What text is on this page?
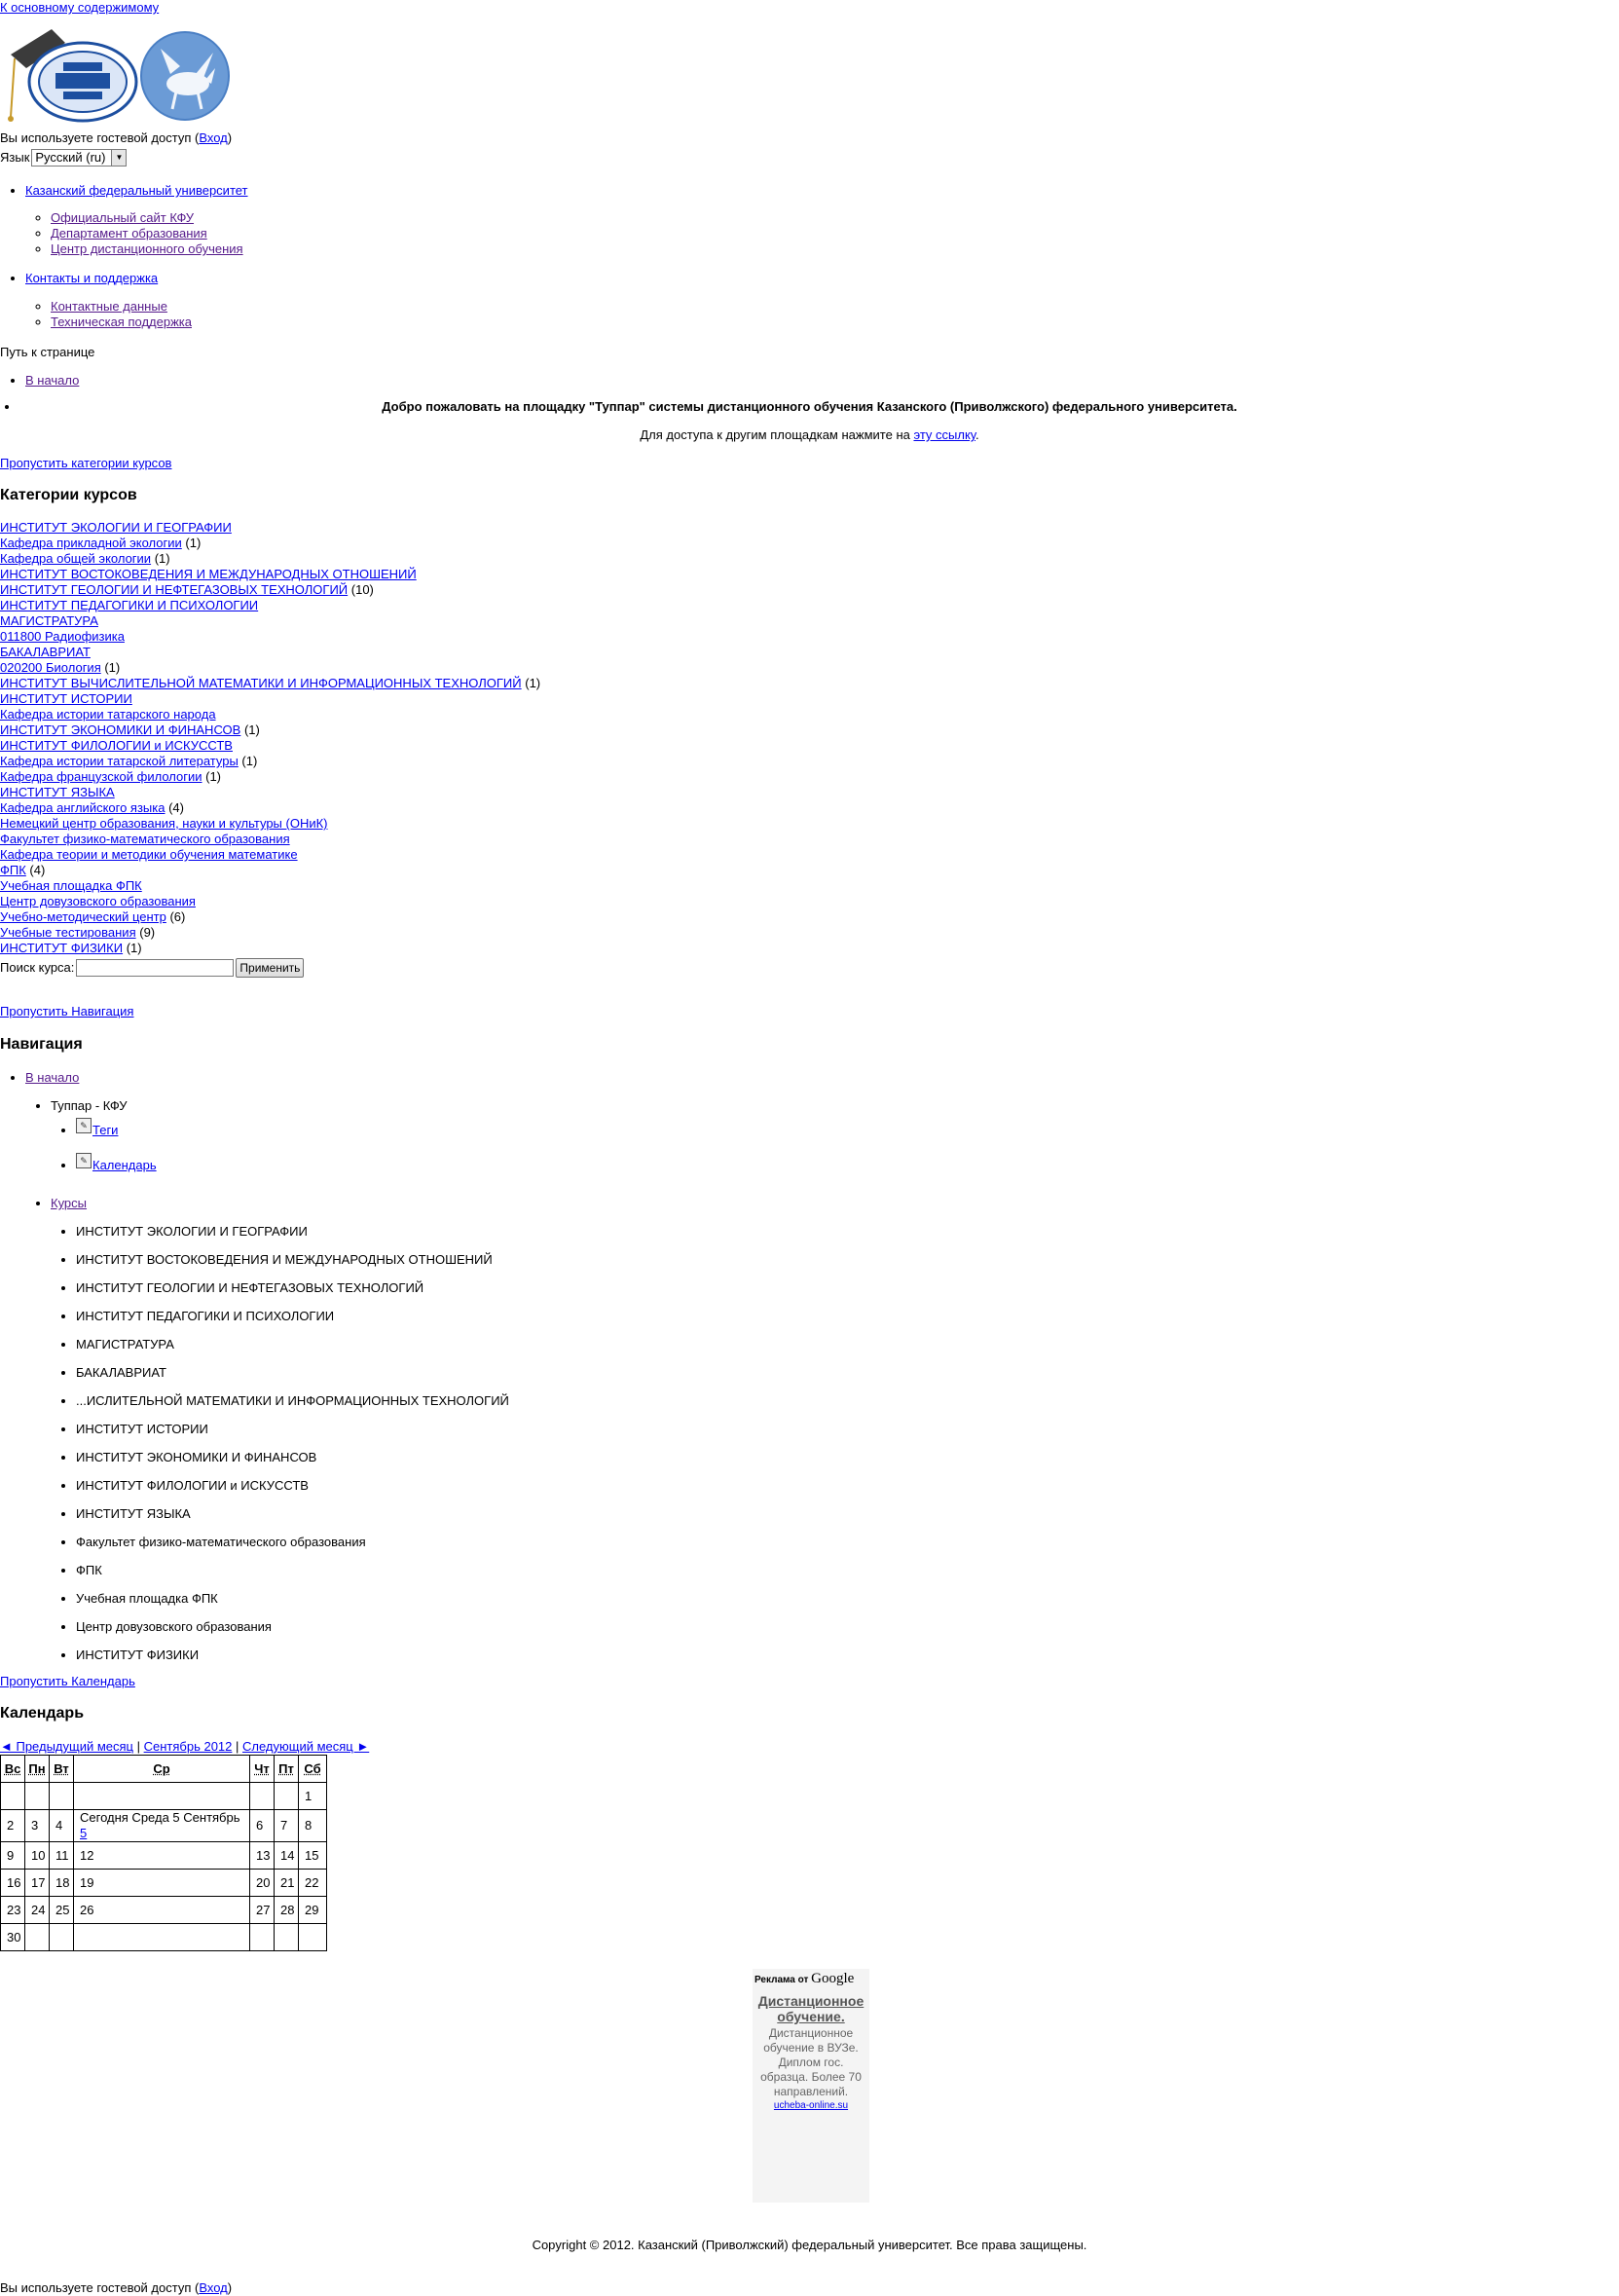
К основному содержимому
Вы используете гостевой доступ (Вход)
Язык Русский (ru)	▼
• Казанский федеральный университет
◦ Официальный сайт КФУ
◦ Департамент образования
◦ Центр дистанционного обучения
• Контакты и поддержка
◦ Контактные данные
◦ Техническая поддержка
Путь к странице
• В начало
• Добро пожаловать на площадку "Туппар" системы дистанционного обучения Казанского (Приволжского) федерального университета.
Для доступа к другим площадкам нажмите на эту ссылку.
Пропустить категории курсов
Категории курсов
ИНСТИТУТ ЭКОЛОГИИ И ГЕОГРАФИИ
Кафедра прикладной экологии (1)
Кафедра общей экологии (1)
ИНСТИТУТ ВОСТОКОВЕДЕНИЯ И МЕЖДУНАРОДНЫХ ОТНОШЕНИЙ
ИНСТИТУТ ГЕОЛОГИИ И НЕФТЕГАЗОВЫХ ТЕХНОЛОГИЙ (10)
ИНСТИТУТ ПЕДАГОГИКИ И ПСИХОЛОГИИ
МАГИСТРАТУРА
011800 Радиофизика
БАКАЛАВРИАТ
020200 Биология (1)
ИНСТИТУТ ВЫЧИСЛИТЕЛЬНОЙ МАТЕМАТИКИ И ИНФОРМАЦИОННЫХ ТЕХНОЛОГИЙ (1)
ИНСТИТУТ ИСТОРИИ
Кафедра истории татарского народа
ИНСТИТУТ ЭКОНОМИКИ И ФИНАНСОВ (1)
ИНСТИТУТ ФИЛОЛОГИИ и ИСКУССТВ
Кафедра истории татарской литературы (1)
Кафедра французской филологии (1)
ИНСТИТУТ ЯЗЫКА
Кафедра английского языка (4)
Немецкий центр образования, науки и культуры (ОНиК)
Факультет физико-математического образования
Кафедра теории и методики обучения математике
ФПК (4)
Учебная площадка ФПК
Центр довузовского образования
Учебно-методический центр (6)
Учебные тестирования (9)
ИНСТИТУТ ФИЗИКИ (1)
Поиск курса:	Применить
Пропустить Навигация
Навигация
• В начало
• Туппар - КФУ
• ✎ Теги
• ✎ Календарь
• Курсы
• ИНСТИТУТ ЭКОЛОГИИ И ГЕОГРАФИИ
• ИНСТИТУТ ВОСТОКОВЕДЕНИЯ И МЕЖДУНАРОДНЫХ ОТНОШЕНИЙ
• ИНСТИТУТ ГЕОЛОГИИ И НЕФТЕГАЗОВЫХ ТЕХНОЛОГИЙ
• ИНСТИТУТ ПЕДАГОГИКИ И ПСИХОЛОГИИ
• МАГИСТРАТУРА
• БАКАЛАВРИАТ
• ...ИСЛИТЕЛЬНОЙ МАТЕМАТИКИ И ИНФОРМАЦИОННЫХ ТЕХНОЛОГИЙ
• ИНСТИТУТ ИСТОРИИ
• ИНСТИТУТ ЭКОНОМИКИ И ФИНАНСОВ
• ИНСТИТУТ ФИЛОЛОГИИ и ИСКУССТВ
• ИНСТИТУТ ЯЗЫКА
• Факультет физико-математического образования
• ФПК
• Учебная площадка ФПК
• Центр довузовского образования
• ИНСТИТУТ ФИЗИКИ
Пропустить Календарь
Календарь
◄ Предыдущий месяц | Сентябрь 2012 | Следующий месяц ►
Вс	Пн	Вт	Ср	Чт	Пт	Сб
						1
2	3	4	Сегодня Среда 5 Сентябрь 5	6	7	8
9	10	11	12	13	14	15
16	17	18	19	20	21	22
23	24	25	26	27	28	29
30						
Реклама от Google
Дистанционное обучение.
Дистанционное обучение в ВУЗе. Диплом гос. образца. Более 70 направлений.
ucheba-online.su
Copyright © 2012. Казанский (Приволжский) федеральный университет. Все права защищены.
Вы используете гостевой доступ (Вход)
